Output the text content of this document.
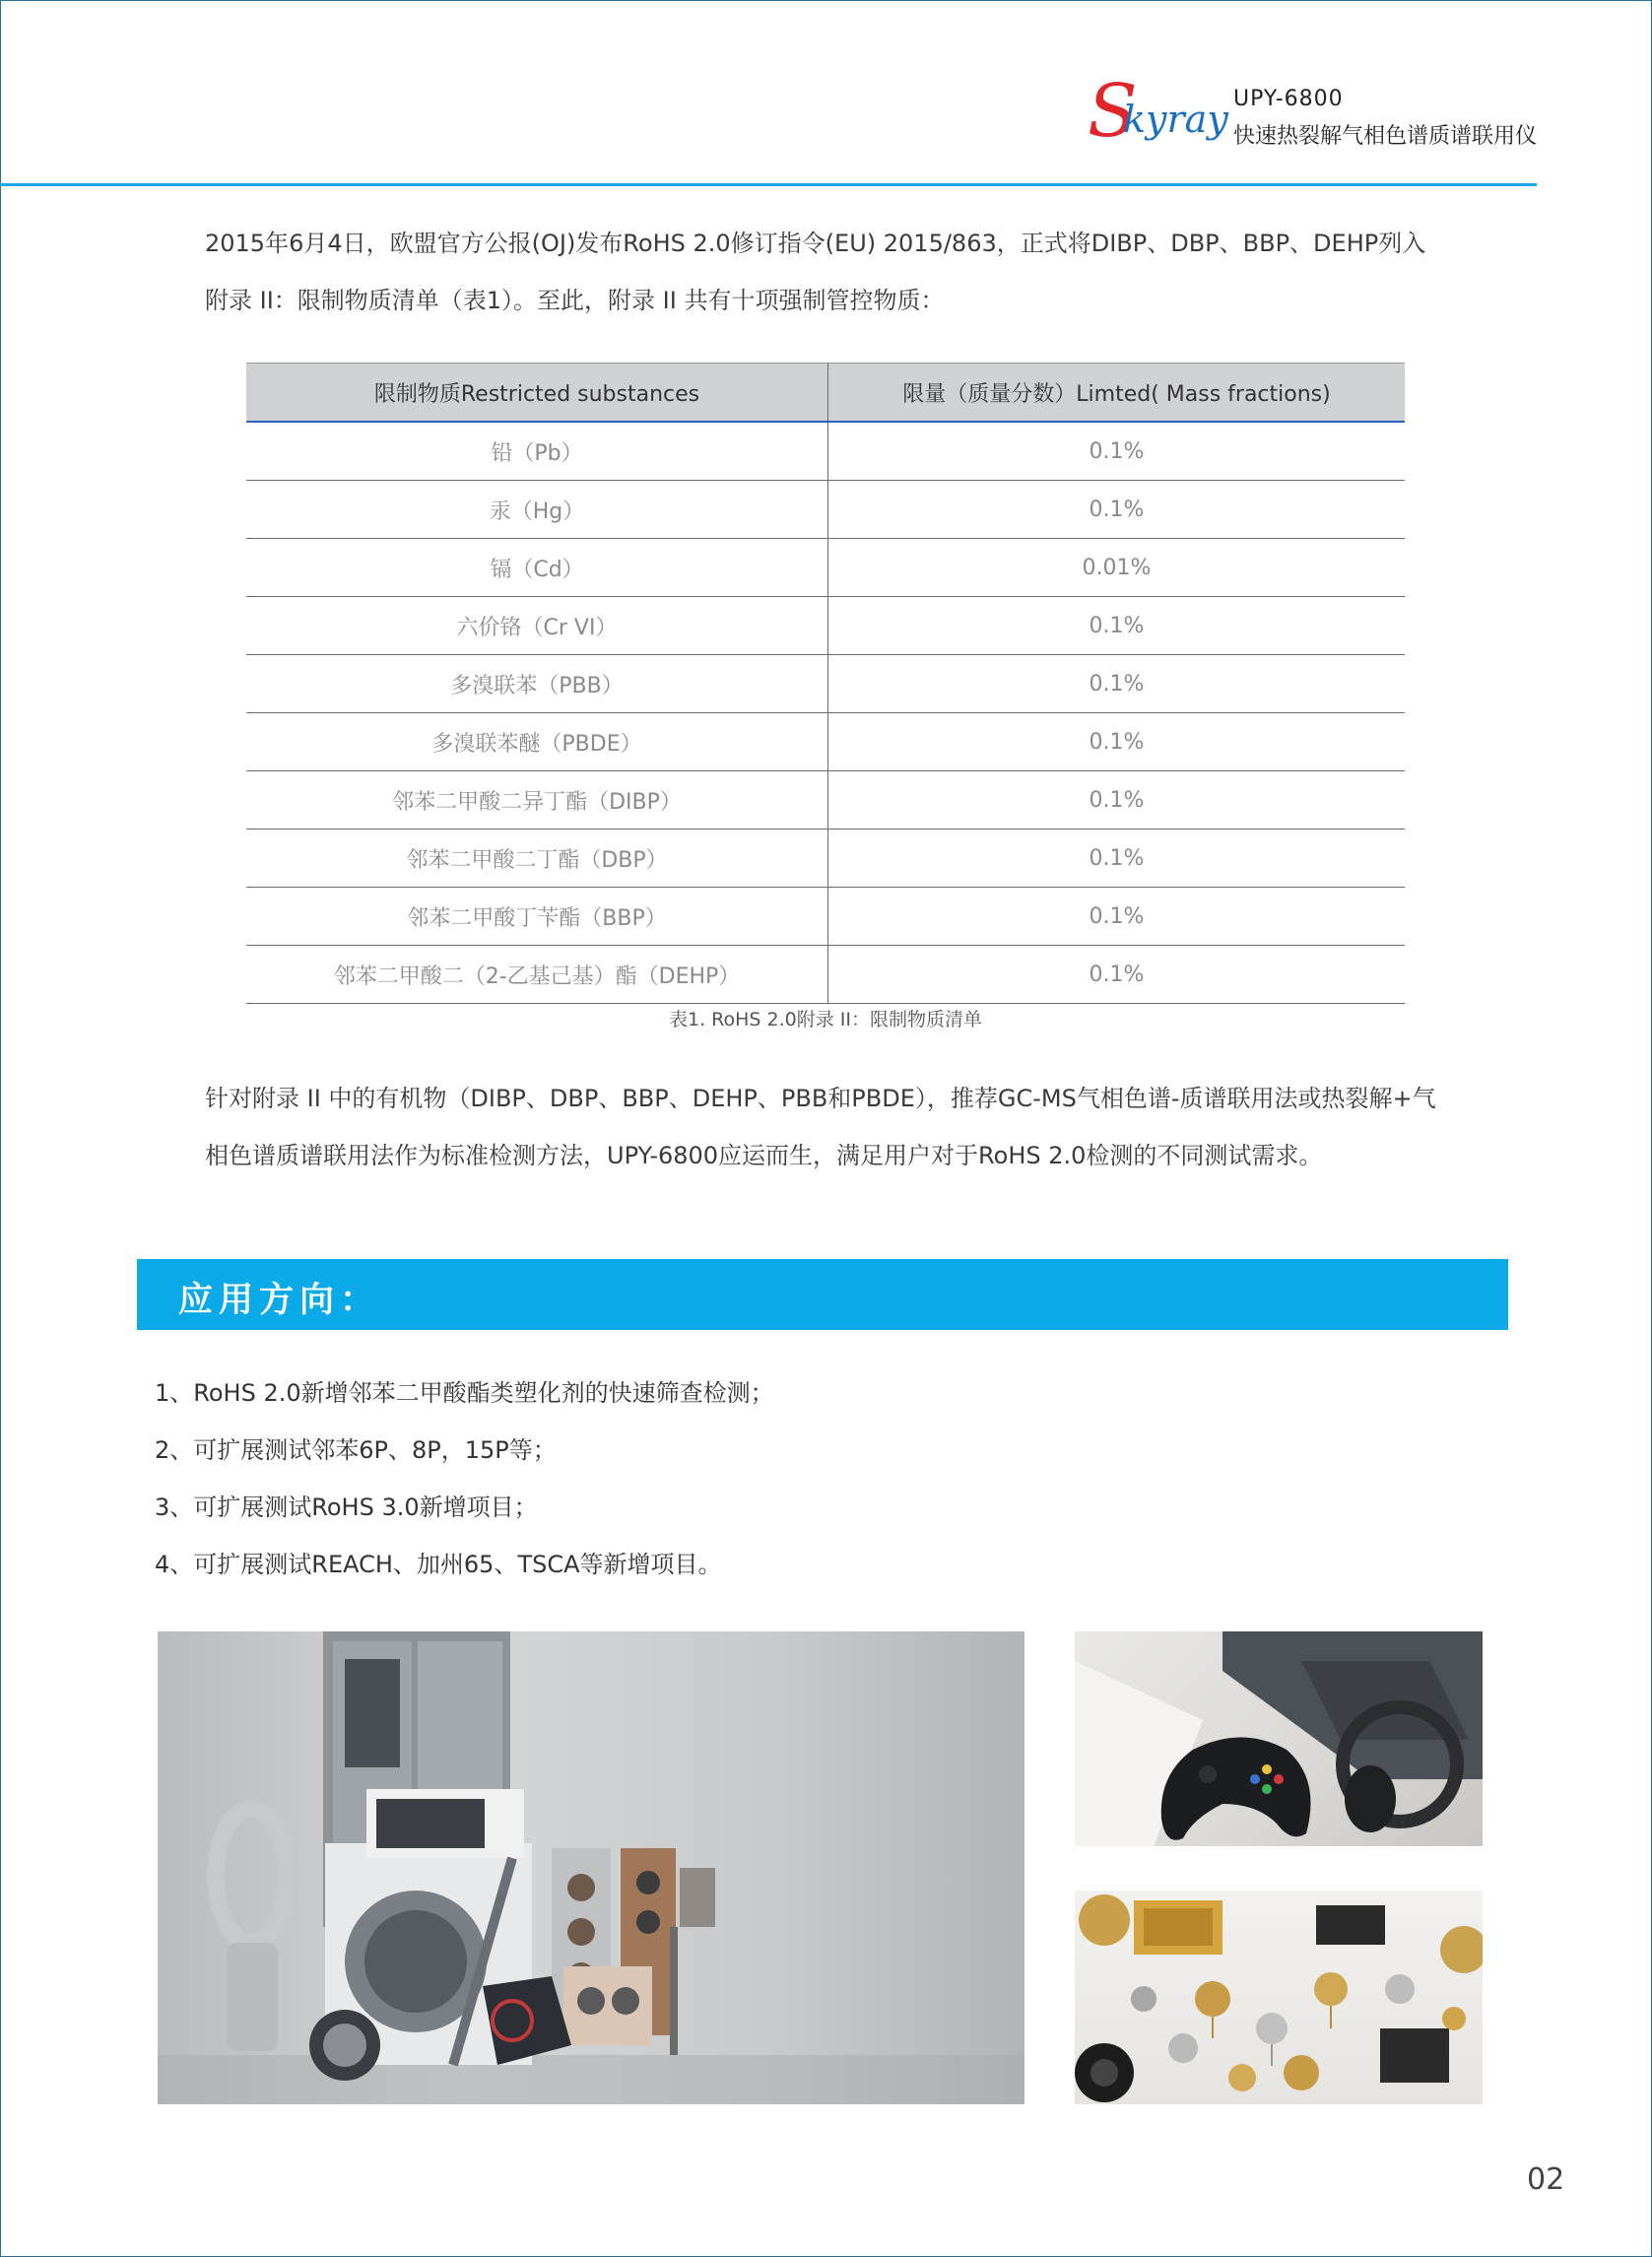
S
kyray UPY-6800
快速热裂解气相色谱质谱联用仪
2015年6月4日，欧盟官方公报(OJ)发布RoHS 2.0修订指令(EU) 2015/863，正式将DIBP、DBP、BBP、DEHP列入
附录 II：限制物质清单（表1）。至此，附录 II 共有十项强制管控物质：
限制物质Restricted substances	限量（质量分数）Limted( Mass fractions)
铅（Pb）	0.1%
汞（Hg）	0.1%
镉（Cd）	0.01%
六价铬（Cr VI）	0.1%
多溴联苯（PBB）	0.1%
多溴联苯醚（PBDE）	0.1%
邻苯二甲酸二异丁酯（DIBP）	0.1%
邻苯二甲酸二丁酯（DBP）	0.1%
邻苯二甲酸丁苄酯（BBP）	0.1%
邻苯二甲酸二（2-乙基己基）酯（DEHP）	0.1%
表1. RoHS 2.0附录 II：限制物质清单
针对附录 II 中的有机物（DIBP、DBP、BBP、DEHP、PBB和PBDE），推荐GC-MS气相色谱-质谱联用法或热裂解+气
相色谱质谱联用法作为标准检测方法，UPY-6800应运而生，满足用户对于RoHS 2.0检测的不同测试需求。
应用方向：
1、RoHS 2.0新增邻苯二甲酸酯类塑化剂的快速筛查检测；
2、可扩展测试邻苯6P、8P，15P等；
3、可扩展测试RoHS 3.0新增项目；
4、可扩展测试REACH、加州65、TSCA等新增项目。
02
